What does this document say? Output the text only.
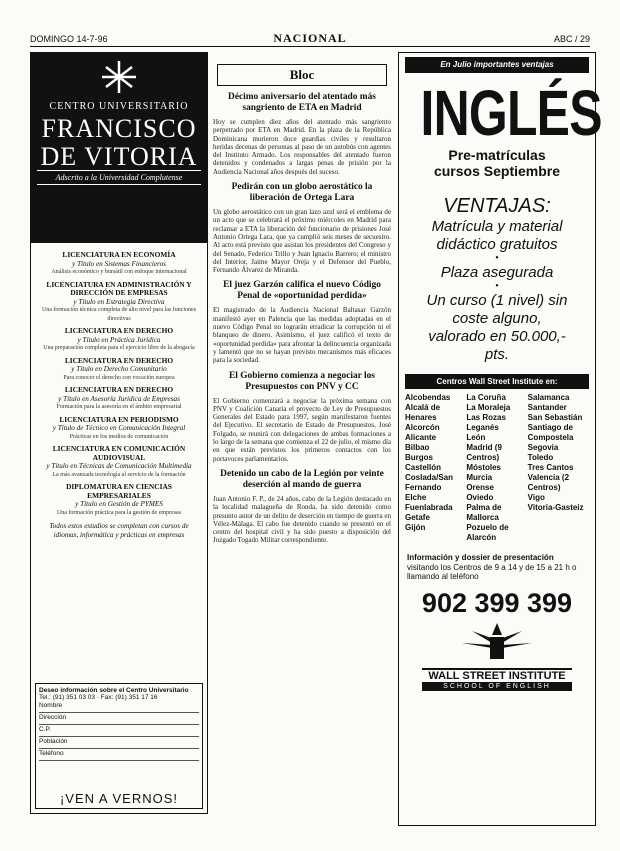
DOMINGO 14-7-96	NACIONAL	ABC / 29
CENTRO UNIVERSITARIO
FRANCISCO
DE VITORIA
Adscrito a la Universidad Complutense
LICENCIATURA EN ECONOMÍA
y Título en Sistemas Financieros
Análisis económico y bursátil con enfoque internacional
LICENCIATURA EN ADMINISTRACIÓN Y DIRECCIÓN DE EMPRESAS
y Título en Estrategia Directiva
Una formación técnica completa de alto nivel para las funciones directivas
LICENCIATURA EN DERECHO
y Título en Práctica Jurídica
Una preparación completa para el ejercicio libre de la abogacía
LICENCIATURA EN DERECHO
y Título en Derecho Comunitario
Para conocer el derecho con vocación europea
LICENCIATURA EN DERECHO
y Título en Asesoría Jurídica de Empresas
Formación para la asesoría en el ámbito empresarial
LICENCIATURA EN PERIODISMO
y Título de Técnico en Comunicación Integral
Prácticas en los medios de comunicación
LICENCIATURA EN COMUNICACIÓN AUDIOVISUAL
y Título en Técnicas de Comunicación Multimedia
La más avanzada tecnología al servicio de la formación
DIPLOMATURA EN CIENCIAS EMPRESARIALES
y Título en Gestión de PYMES
Una formación práctica para la gestión de empresas
Todos estos estudios se completan con cursos de idiomas, informática y prácticas en empresas
Deseo información sobre el Centro Universitario
Tel.: (91) 351 03 03 · Fax: (91) 351 17 16
Nombre
Dirección
C.P.
Población
Teléfono
¡VEN A VERNOS!
Bloc
Décimo aniversario del atentado más sangriento de ETA en Madrid

Hoy se cumplen diez años del atentado más sangriento perpetrado por ETA en Madrid. En la plaza de la República Dominicana murieron doce guardias civiles y resultaron heridas decenas de personas al paso de un autobús con agentes del Instituto Armado. Los responsables del atentado fueron detenidos y condenados a largas penas de prisión por la Audiencia Nacional años después del suceso.

Pedirán con un globo aerostático la liberación de Ortega Lara

Un globo aerostático con un gran lazo azul será el emblema de un acto que se celebrará el próximo miércoles en Madrid para reclamar a ETA la liberación del funcionario de prisiones José Antonio Ortega Lara, que ya cumplió seis meses de secuestro. Al acto está previsto que asistan los presidentes del Congreso y del Senado, Federico Trillo y Juan Ignacio Barrero; el ministro del Interior, Jaime Mayor Oreja y el Defensor del Pueblo, Fernando Álvarez de Miranda.

El juez Garzón califica el nuevo Código Penal de «oportunidad perdida»

El magistrado de la Audiencia Nacional Baltasar Garzón manifestó ayer en Palencia que las medidas adoptadas en el nuevo Código Penal no lograrán erradicar la corrupción ni el blanqueo de dinero. Asimismo, el juez calificó el texto de «oportunidad perdida» para afrontar la delincuencia organizada y lamentó que no se hayan previsto mecanismos más eficaces para la sociedad.

El Gobierno comienza a negociar los Presupuestos con PNV y CC

El Gobierno comenzará a negociar la próxima semana con PNV y Coalición Canaria el proyecto de Ley de Presupuestos Generales del Estado para 1997, según manifestaron fuentes del Ejecutivo. El secretario de Estado de Presupuestos, José Folgado, se reunirá con delegaciones de ambas formaciones a lo largo de la semana que comienza el 22 de julio, el mismo día en que están previstos los primeros contactos con los portavoces parlamentarios.

Detenido un cabo de la Legión por veinte deserción al mando de guerra

Juan Antonio F. P., de 24 años, cabo de la Legión destacado en la localidad malagueña de Ronda, ha sido detenido como presunto autor de un delito de deserción en tiempo de guerra en Vélez-Málaga. El cabo fue detenido cuando se presentó en el centro del hospital civil y ha sido puesto a disposición del Juzgado Togado Militar correspondiente.

En Julio importantes ventajas
INGLÉS
Pre-matrículas
cursos Septiembre
VENTAJAS:
Matrícula y material didáctico gratuitos
•
Plaza asegurada
•
Un curso (1 nivel) sin coste alguno, valorado en 50.000,- pts.
Centros Wall Street Institute en:
Alcobendas
Alcalá de Henares
Alcorcón
Alicante
Bilbao
Burgos
Castellón
Coslada/San Fernando
Elche
Fuenlabrada
Getafe
Gijón
La Coruña
La Moraleja
Las Rozas
Leganés
León
Madrid (9 Centros)
Móstoles
Murcia
Orense
Oviedo
Palma de Mallorca
Pozuelo de Alarcón
Salamanca
Santander
San Sebastián
Santiago de Compostela
Segovia
Toledo
Tres Cantos
Valencia (2 Centros)
Vigo
Vitoria-Gasteiz
Información y dossier de presentación visitando los Centros de 9 a 14 y de 15 a 21 h o llamando al teléfono
902 399 399
WALL STREET INSTITUTE
SCHOOL OF ENGLISH
